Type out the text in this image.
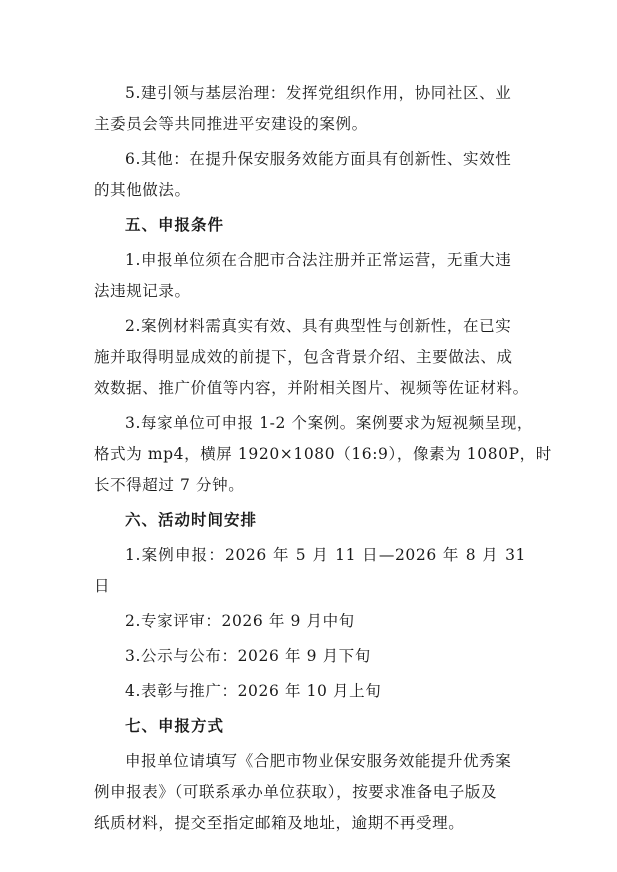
5.建引领与基层治理：发挥党组织作用，协同社区、业
主委员会等共同推进平安建设的案例。

6.其他：在提升保安服务效能方面具有创新性、实效性
的其他做法。

五、申报条件

1.申报单位须在合肥市合法注册并正常运营，无重大违
法违规记录。

2.案例材料需真实有效、具有典型性与创新性，在已实
施并取得明显成效的前提下，包含背景介绍、主要做法、成
效数据、推广价值等内容，并附相关图片、视频等佐证材料。

3.每家单位可申报 1-2 个案例。案例要求为短视频呈现，
格式为 mp4，横屏 1920×1080（16:9），像素为 1080P，时
长不得超过 7 分钟。

六、活动时间安排

1.案例申报：2026 年 5 月 11 日—2026 年 8 月 31 日

2.专家评审：2026 年 9 月中旬

3.公示与公布：2026 年 9 月下旬

4.表彰与推广：2026 年 10 月上旬

七、申报方式

申报单位请填写《合肥市物业保安服务效能提升优秀案
例申报表》（可联系承办单位获取），按要求准备电子版及
纸质材料，提交至指定邮箱及地址，逾期不再受理。
